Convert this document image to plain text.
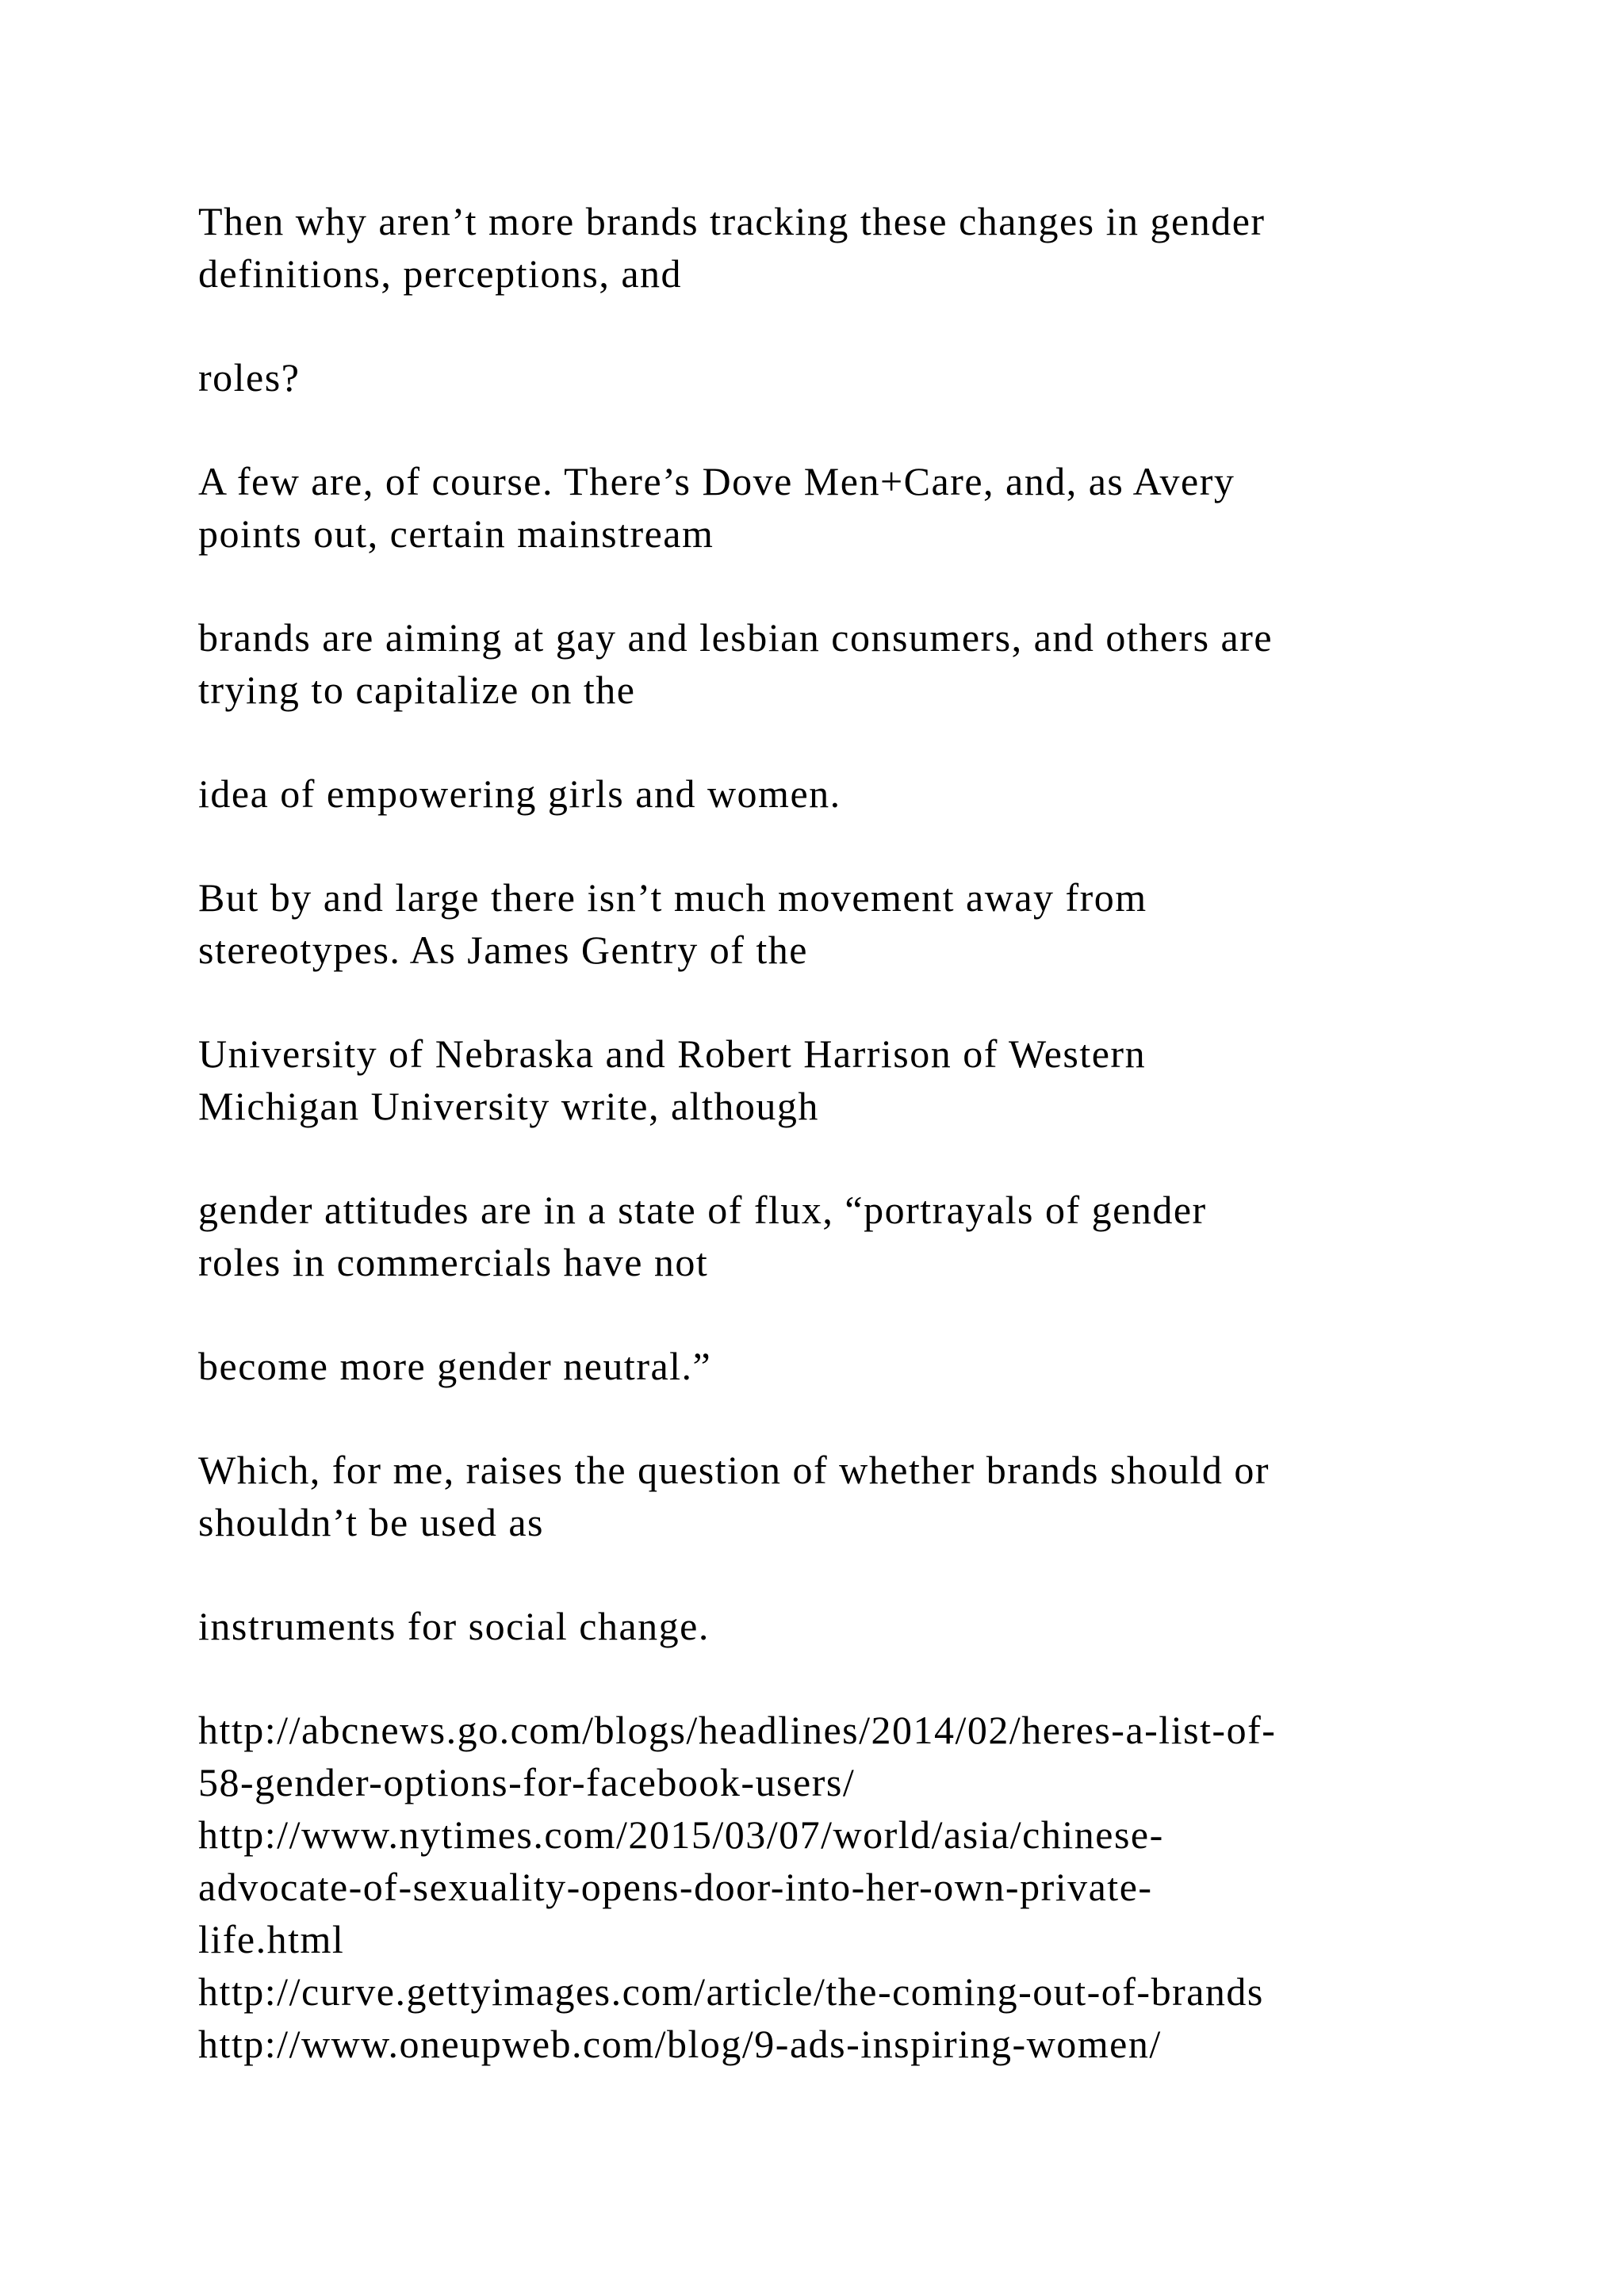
Then why aren’t more brands tracking these changes in gender
definitions, perceptions, and

roles?

A few are, of course. There’s Dove Men+Care, and, as Avery
points out, certain mainstream

brands are aiming at gay and lesbian consumers, and others are
trying to capitalize on the

idea of empowering girls and women.

But by and large there isn’t much movement away from
stereotypes. As James Gentry of the

University of Nebraska and Robert Harrison of Western
Michigan University write, although

gender attitudes are in a state of flux, “portrayals of gender
roles in commercials have not

become more gender neutral.”

Which, for me, raises the question of whether brands should or
shouldn’t be used as

instruments for social change.

http://abcnews.go.com/blogs/headlines/2014/02/heres-a-list-of-
58-gender-options-for-facebook-users/
http://www.nytimes.com/2015/03/07/world/asia/chinese-
advocate-of-sexuality-opens-door-into-her-own-private-
life.html
http://curve.gettyimages.com/article/the-coming-out-of-brands
http://www.oneupweb.com/blog/9-ads-inspiring-women/
